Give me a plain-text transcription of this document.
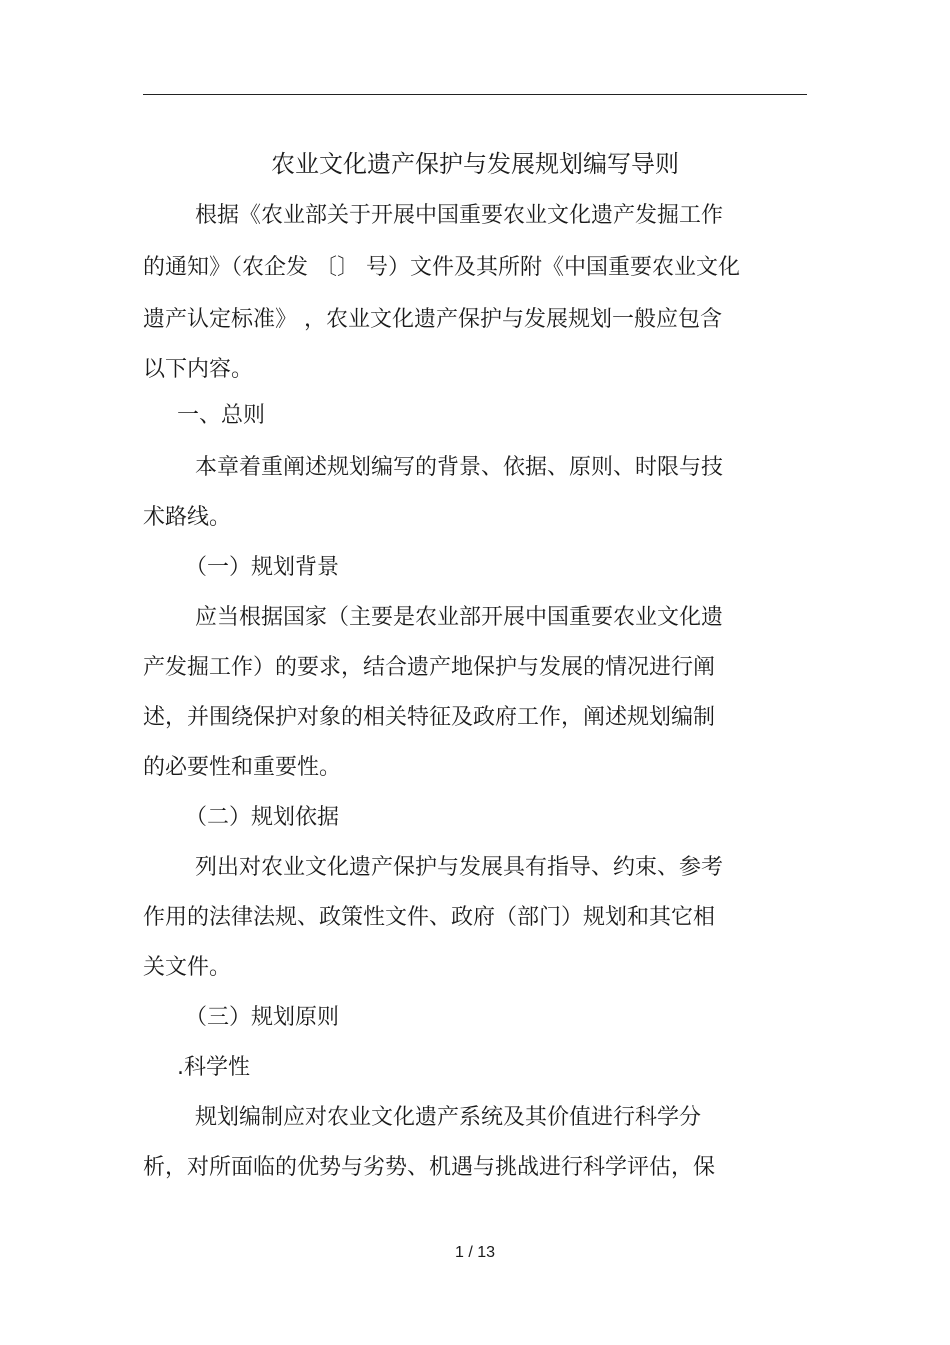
农业文化遗产保护与发展规划编写导则
根据《农业部关于开展中国重要农业文化遗产发掘工作
的通知》（农企发 〔〕 号）文件及其所附《中国重要农业文化
遗产认定标准》 ，农业文化遗产保护与发展规划一般应包含
以下内容。
一、总则
本章着重阐述规划编写的背景、依据、原则、时限与技
术路线。
（一）规划背景
应当根据国家（主要是农业部开展中国重要农业文化遗
产发掘工作）的要求，结合遗产地保护与发展的情况进行阐
述，并围绕保护对象的相关特征及政府工作，阐述规划编制
的必要性和重要性。
（二）规划依据
列出对农业文化遗产保护与发展具有指导、约束、参考
作用的法律法规、政策性文件、政府（部门）规划和其它相
关文件。
（三）规划原则
.科学性
规划编制应对农业文化遗产系统及其价值进行科学分
析，对所面临的优势与劣势、机遇与挑战进行科学评估，保
1 / 13
